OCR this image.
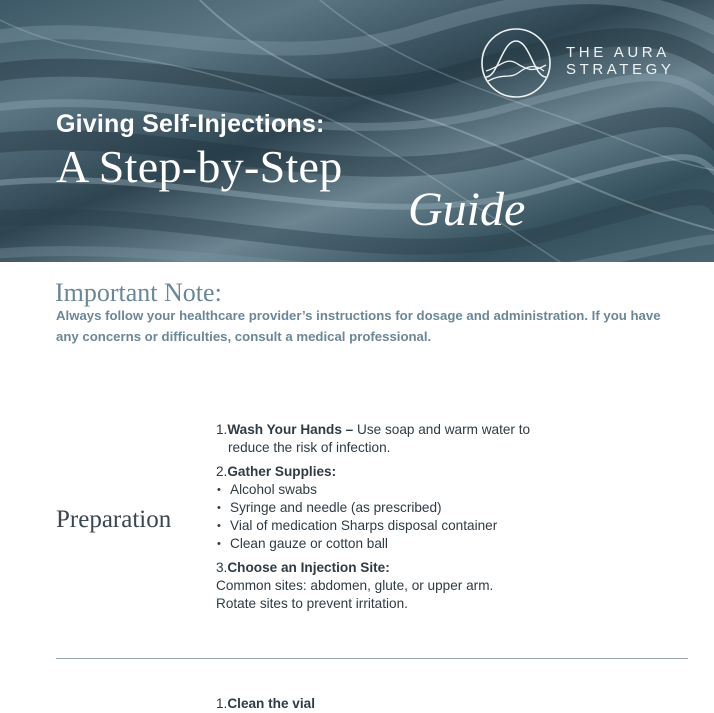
THE AURA
STRATEGY
Giving Self-Injections:
A Step-by-Step
Guide
Important Note:
Always follow your healthcare provider’s instructions for dosage and administration. If you have any concerns or difficulties, consult a medical professional.
Preparation
1. Wash Your Hands – Use soap and warm water to
reduce the risk of infection.
2. Gather Supplies:
• Alcohol swabs
• Syringe and needle (as prescribed)
• Vial of medication Sharps disposal container
• Clean gauze or cotton ball
3. Choose an Injection Site:
Common sites: abdomen, glute, or upper arm.
Rotate sites to prevent irritation.
1.Clean the vial
